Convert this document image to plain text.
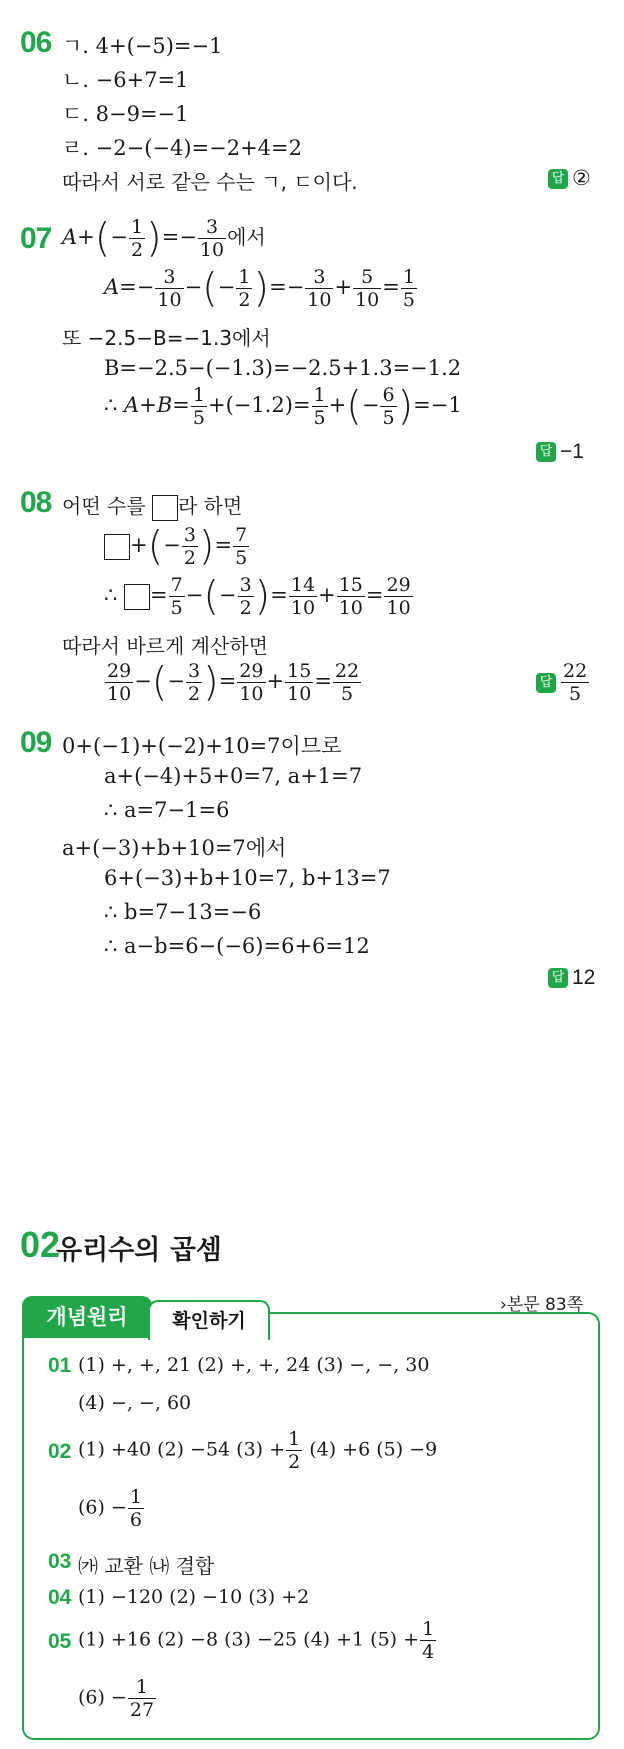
06 ㄱ. 4+(−5)=−1
ㄴ. −6+7=1
ㄷ. 8−9=−1
ㄹ. −2−(−4)=−2+4=2
따라서 서로 같은 수는 ㄱ, ㄷ이다.	답 ②
07 $A+(- \frac{1}{2}$ )=− $\frac{3}{10}$ 에서
$A=- \frac{3}{10}$ −(− $\frac{1}{2}$ )=− $\frac{3}{10} + \frac{5}{10} = \frac{1}{5}$
또 −2.5−B=−1.3에서
B=−2.5−(−1.3)=−2.5+1.3=−1.2
∴ $A+B= \frac{1}{5} +(-1.2)= \frac{1}{5}$ +(− $\frac{6}{5} )=-1$
답 −1
08 어떤 수를 라 하면
+(− $\frac{3}{2}$ )= $\frac{7}{5}$
∴ = $\frac{7}{5}$ −(− $\frac{3}{2}$ )= $\frac{14}{10} + \frac{15}{10} = \frac{29}{10}$
따라서 바르게 계산하면
$\frac{29}{10}$ −(− $\frac{3}{2}$ )= $\frac{29}{10} + \frac{15}{10} = \frac{22}{5}$	답 $\frac{22}{5}$
09 0+(−1)+(−2)+10=7이므로
a+(−4)+5+0=7, a+1=7
∴ a=7−1=6
a+(−3)+b+10=7에서
6+(−3)+b+10=7, b+13=7
∴ b=7−13=−6
∴ a−b=6−(−6)=6+6=12
답 12
02
유리수의 곱셈
개념원리	확인하기
›본문 83쪽
01 (1) +, +, 21 (2) +, +, 24 (3) −, −, 30
(4) −, −, 60
02 (1) +40 (2) −54 $(3) + \frac{1}{2} (4) +6$ (5) −9
$(6) - \frac{1}{6}$
03 ㈎ 교환 ㈏ 결합
04 (1) −120 (2) −10 (3) +2
05 (1) +16 (2) −8 (3) −25 (4) +1 $(5) + \frac{1}{4}$
$(6) - \frac{1}{27}$
